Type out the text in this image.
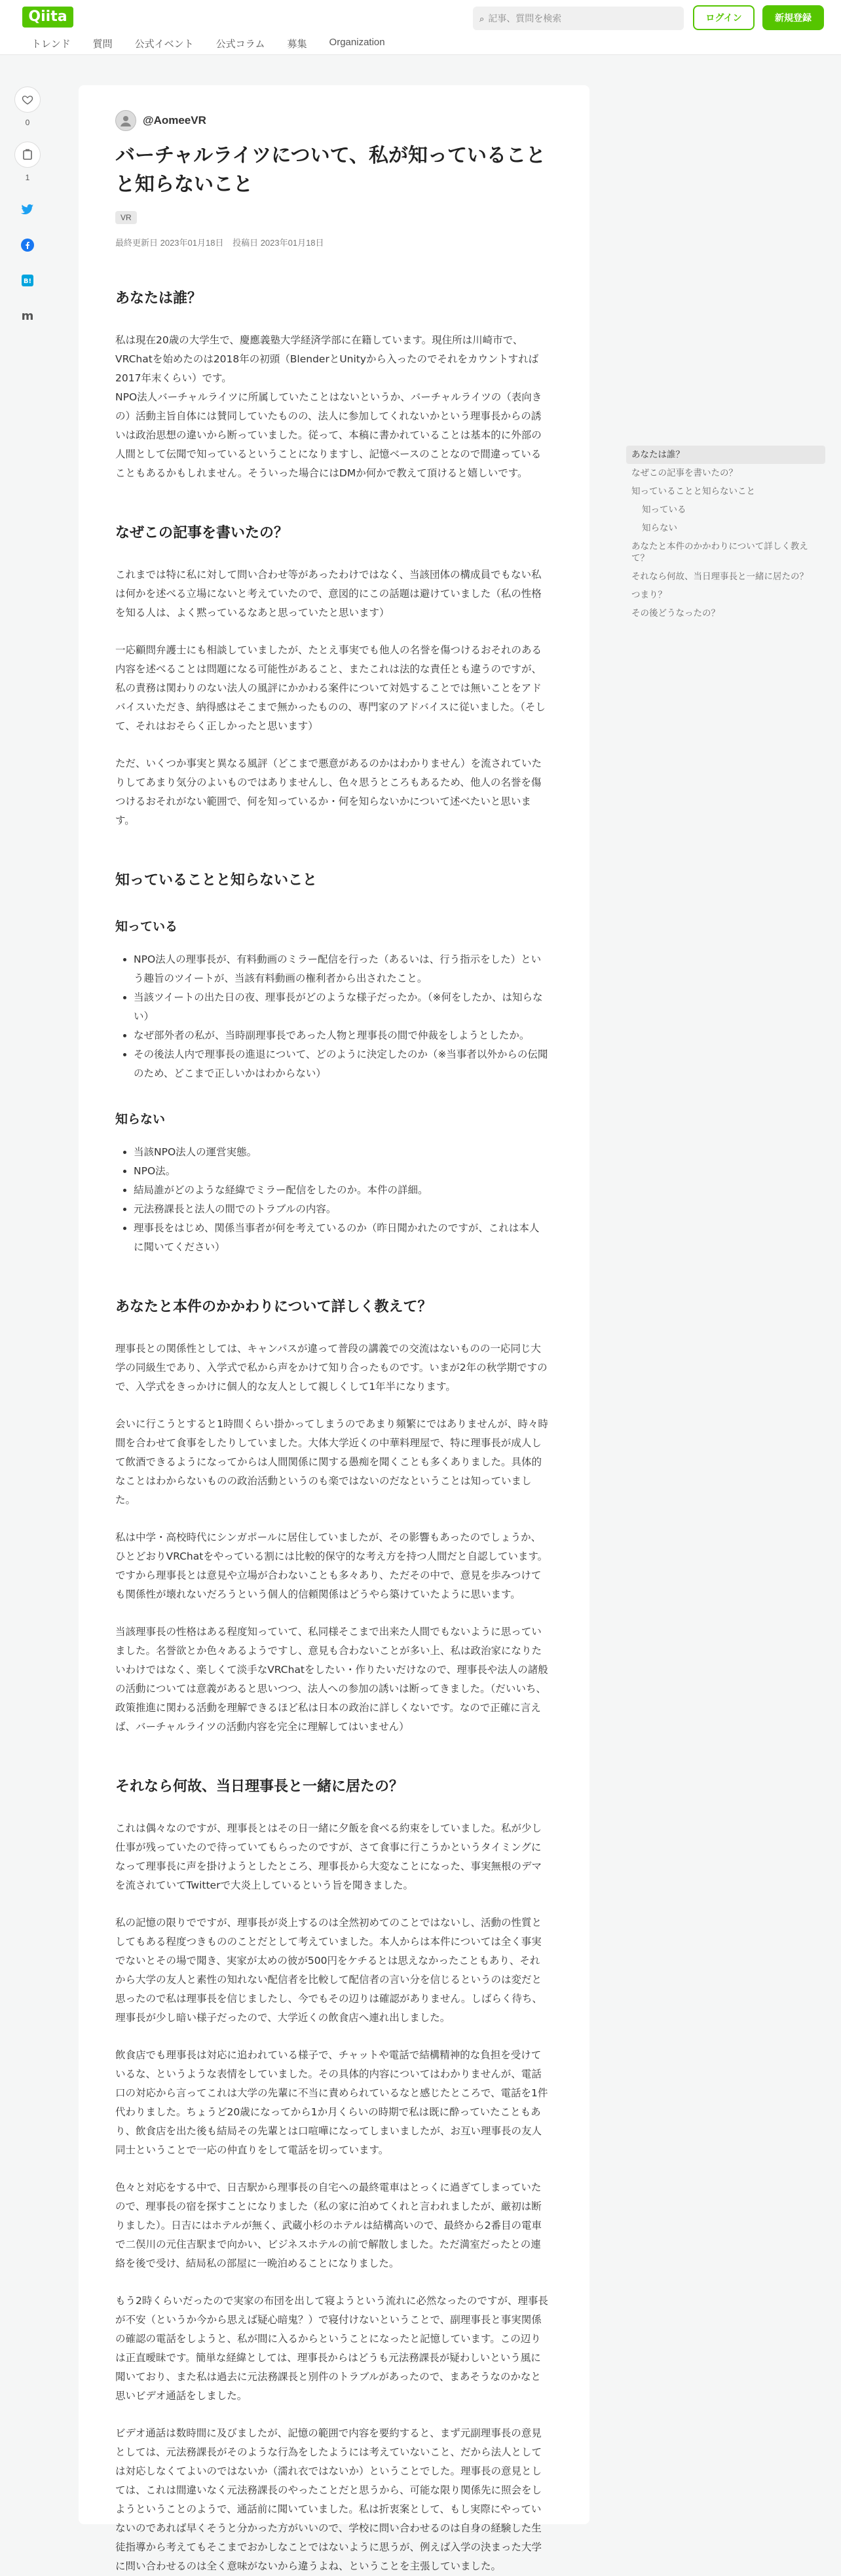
Qiita
トレンド 質問 公式イベント 公式コラム 募集 Organization
⌕ 記事、質問を検索	ログイン	新規登録
0
1
B!
m
@AomeeVR
バーチャルライツについて、私が知っていることと知らないこと
VR
最終更新日 2023年01月18日 投稿日 2023年01月18日
あなたは誰？

私は現在20歳の大学生で、慶應義塾大学経済学部に在籍しています。現住所は川崎市で、VRChatを始めたのは2018年の初頭（BlenderとUnityから入ったのでそれをカウントすれば2017年末くらい）です。

NPO法人バーチャルライツに所属していたことはないというか、バーチャルライツの（表向きの）活動主旨自体には賛同していたものの、法人に参加してくれないかという理事長からの誘いは政治思想の違いから断っていました。従って、本稿に書かれていることは基本的に外部の人間として伝聞で知っているということになりますし、記憶ベースのことなので間違っていることもあるかもしれません。そういった場合にはDMか何かで教えて頂けると嬉しいです。

なぜこの記事を書いたの？

これまでは特に私に対して問い合わせ等があったわけではなく、当該団体の構成員でもない私は何かを述べる立場にないと考えていたので、意図的にこの話題は避けていました（私の性格を知る人は、よく黙っているなあと思っていたと思います）

一応顧問弁護士にも相談していましたが、たとえ事実でも他人の名誉を傷つけるおそれのある内容を述べることは問題になる可能性があること、またこれは法的な責任とも違うのですが、私の責務は関わりのない法人の風評にかかわる案件について対処することでは無いことをアドバイスいただき、納得感はそこまで無かったものの、専門家のアドバイスに従いました。（そして、それはおそらく正しかったと思います）

ただ、いくつか事実と異なる風評（どこまで悪意があるのかはわかりません）を流されていたりしてあまり気分のよいものではありませんし、色々思うところもあるため、他人の名誉を傷つけるおそれがない範囲で、何を知っているか・何を知らないかについて述べたいと思います。

知っていることと知らないこと
知っている
• NPO法人の理事長が、有料動画のミラー配信を行った（あるいは、行う指示をした）という趣旨のツイートが、当該有料動画の権利者から出されたこと。
• 当該ツイートの出た日の夜、理事長がどのような様子だったか。（※何をしたか、は知らない）
• なぜ部外者の私が、当時副理事長であった人物と理事長の間で仲裁をしようとしたか。
• その後法人内で理事長の進退について、どのように決定したのか（※当事者以外からの伝聞のため、どこまで正しいかはわからない）
知らない
• 当該NPO法人の運営実態。
• NPO法。
• 結局誰がどのような経緯でミラー配信をしたのか。本件の詳細。
• 元法務課長と法人の間でのトラブルの内容。
• 理事長をはじめ、関係当事者が何を考えているのか（昨日聞かれたのですが、これは本人に聞いてください）
あなたと本件のかかわりについて詳しく教えて？

理事長との関係性としては、キャンパスが違って普段の講義での交流はないものの一応同じ大学の同級生であり、入学式で私から声をかけて知り合ったものです。いまが2年の秋学期ですので、入学式をきっかけに個人的な友人として親しくして1年半になります。

会いに行こうとすると1時間くらい掛かってしまうのであまり頻繁にではありませんが、時々時間を合わせて食事をしたりしていました。大体大学近くの中華料理屋で、特に理事長が成人して飲酒できるようになってからは人間関係に関する愚痴を聞くことも多くありました。具体的なことはわからないものの政治活動というのも楽ではないのだなということは知っていました。

私は中学・高校時代にシンガポールに居住していましたが、その影響もあったのでしょうか、ひとどおりVRChatをやっている割には比較的保守的な考え方を持つ人間だと自認しています。ですから理事長とは意見や立場が合わないことも多々あり、ただその中で、意見を歩みつけても関係性が壊れないだろうという個人的信頼関係はどうやら築けていたように思います。

当該理事長の性格はある程度知っていて、私同様そこまで出来た人間でもないように思っていました。名誉欲とか色々あるようですし、意見も合わないことが多い上、私は政治家になりたいわけではなく、楽しくて淡手なVRChatをしたい・作りたいだけなので、理事長や法人の諸般の活動については意義があると思いつつ、法人への参加の誘いは断ってきました。（だいいち、政策推進に関わる活動を理解できるほど私は日本の政治に詳しくないです。なので正確に言えば、バーチャルライツの活動内容を完全に理解してはいません）

それなら何故、当日理事長と一緒に居たの？

これは偶々なのですが、理事長とはその日一緒に夕飯を食べる約束をしていました。私が少し仕事が残っていたので待っていてもらったのですが、さて食事に行こうかというタイミングになって理事長に声を掛けようとしたところ、理事長から大変なことになった、事実無根のデマを流されていてTwitterで大炎上しているという旨を聞きました。

私の記憶の限りでですが、理事長が炎上するのは全然初めてのことではないし、活動の性質としてもある程度つきもののことだとして考えていました。本人からは本件については全く事実でないとその場で聞き、実家が太めの彼が500円をケチるとは思えなかったこともあり、それから大学の友人と素性の知れない配信者を比較して配信者の言い分を信じるというのは変だと思ったので私は理事長を信じましたし、今でもその辺りは確認がありません。しばらく待ち、理事長が少し暗い様子だったので、大学近くの飲食店へ連れ出しました。

飲食店でも理事長は対応に追われている様子で、チャットや電話で結構精神的な負担を受けているな、というような表情をしていました。その具体的内容についてはわかりませんが、電話口の対応から言ってこれは大学の先輩に不当に責められているなと感じたところで、電話を1件代わりました。ちょうど20歳になってから1か月くらいの時期で私は既に酔っていたこともあり、飲食店を出た後も結局その先輩とは口喧嘩になってしまいましたが、お互い理事長の友人同士ということで一応の仲直りをして電話を切っています。

色々と対応をする中で、日吉駅から理事長の自宅への最終電車はとっくに過ぎてしまっていたので、理事長の宿を探すことになりました（私の家に泊めてくれと言われましたが、厳初は断りました）。日吉にはホテルが無く、武蔵小杉のホテルは結構高いので、最終から2番目の電車で二俣川の元住吉駅まで向かい、ビジネスホテルの前で解散しました。ただ満室だったとの連絡を後で受け、結局私の部屋に一晩泊めることになりました。

もう2時くらいだったので実家の布団を出して寝ようという流れに必然なったのですが、理事長が不安（というか今から思えば疑心暗鬼？）で寝付けないということで、副理事長と事実関係の確認の電話をしようと、私が間に入るからということになったと記憶しています。この辺りは正直曖昧です。簡単な経緯としては、理事長からはどうも元法務課長が疑わしいという風に聞いており、また私は過去に元法務課長と別件のトラブルがあったので、まあそうなのかなと思いビデオ通話をしました。

ビデオ通話は数時間に及びましたが、記憶の範囲で内容を要約すると、まず元副理事長の意見としては、元法務課長がそのような行為をしたようには考えていないこと、だから法人としては対応しなくてよいのではないか（濡れ衣ではないか）ということでした。理事長の意見としては、これは間違いなく元法務課長のやったことだと思うから、可能な限り関係先に照会をしようということのようで、通話前に聞いていました。私は折衷案として、もし実際にやっていないのであれば早くそうと分かった方がいいので、学校に問い合わせるのは自身の経験した生徒指導から考えてもそこまでおかしなことではないように思うが、例えば入学の決まった大学に問い合わせるのは全く意味がないから違うよね、ということを主張していました。

あなたは誰？
なぜこの記事を書いたの？
知っていることと知らないこと
知っている
知らない
あなたと本件のかかわりについて詳しく教えて？
それなら何故、当日理事長と一緒に居たの？
つまり？
その後どうなったの？
